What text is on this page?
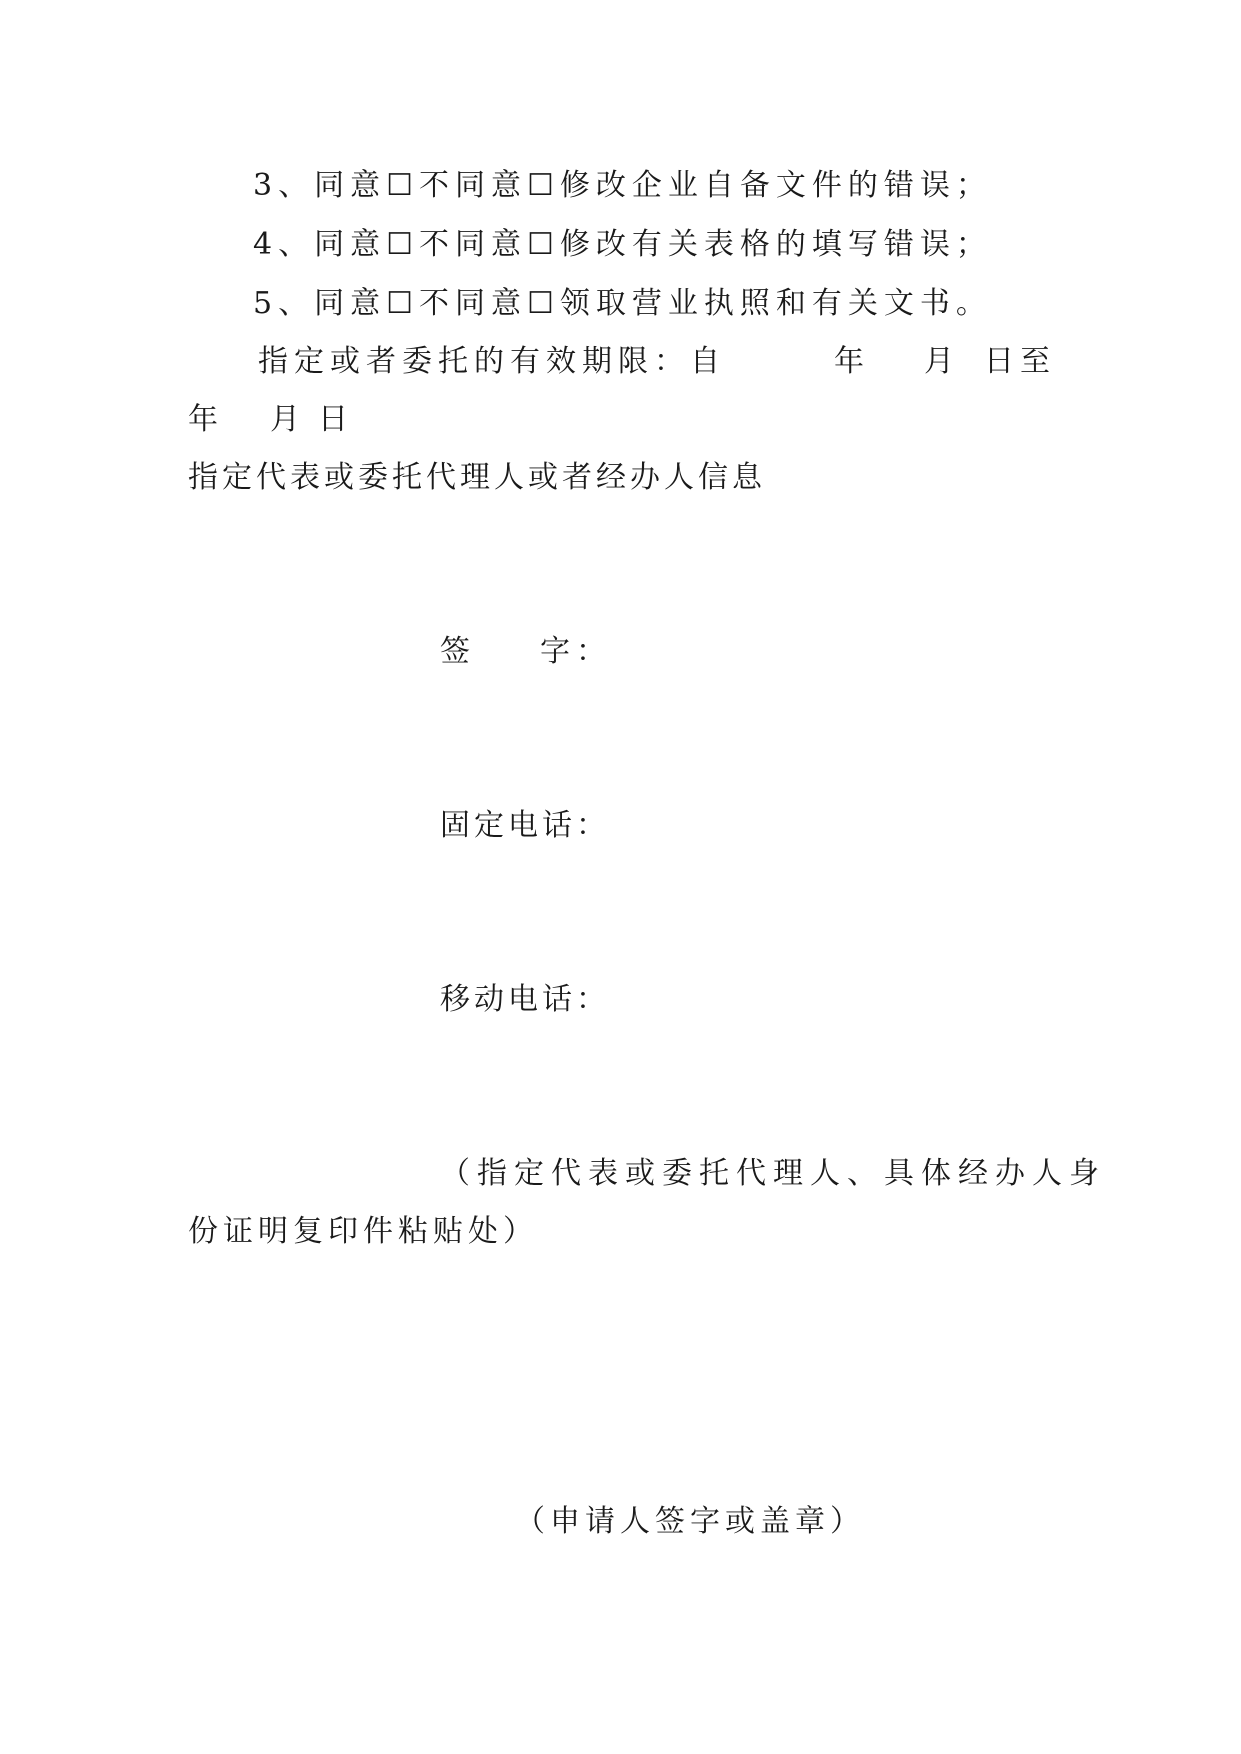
3、同意☐不同意☐修改企业自备文件的错误；
4、同意☐不同意☐修改有关表格的填写错误；
5、同意☐不同意☐领取营业执照和有关文书。
指定或者委托的有效期限：自	年 月 日至
年 月 日
指定代表或委托代理人或者经办人信息
签 字：
固定电话：
移动电话：
（指定代表或委托代理人、具体经办人身
份证明复印件粘贴处）
（申请人签字或盖章）
